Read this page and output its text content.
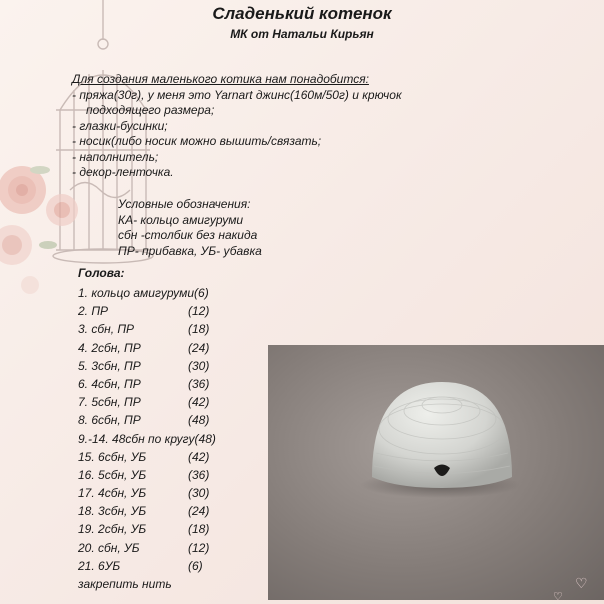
Сладенький котенок
МК от Натальи Кирьян
Для создания маленького котика нам понадобится:
- пряжа(30г), у меня это Yarnart джинс(160м/50г) и крючок
подходящего размера;
- глазки-бусинки;
- носик(либо носик можно вышить/связать;
- наполнитель;
- декор-ленточка.
Условные обозначения:
КА- кольцо амигуруми
сбн -столбик без накида
ПР- прибавка, УБ- убавка
Голова:
1. кольцо амигуруми(6)
2. ПР	(12)
3. сбн, ПР	(18)
4. 2сбн, ПР	(24)
5. 3сбн, ПР	(30)
6. 4сбн, ПР	(36)
7. 5сбн, ПР	(42)
8. 6сбн, ПР	(48)
9.-14. 48сбн по кругу(48)
15. 6сбн, УБ	(42)
16. 5сбн, УБ	(36)
17. 4сбн, УБ	(30)
18. 3сбн, УБ	(24)
19. 2сбн, УБ	(18)
20. сбн, УБ	(12)
21. 6УБ	(6)
закрепить нить	♡
♡
